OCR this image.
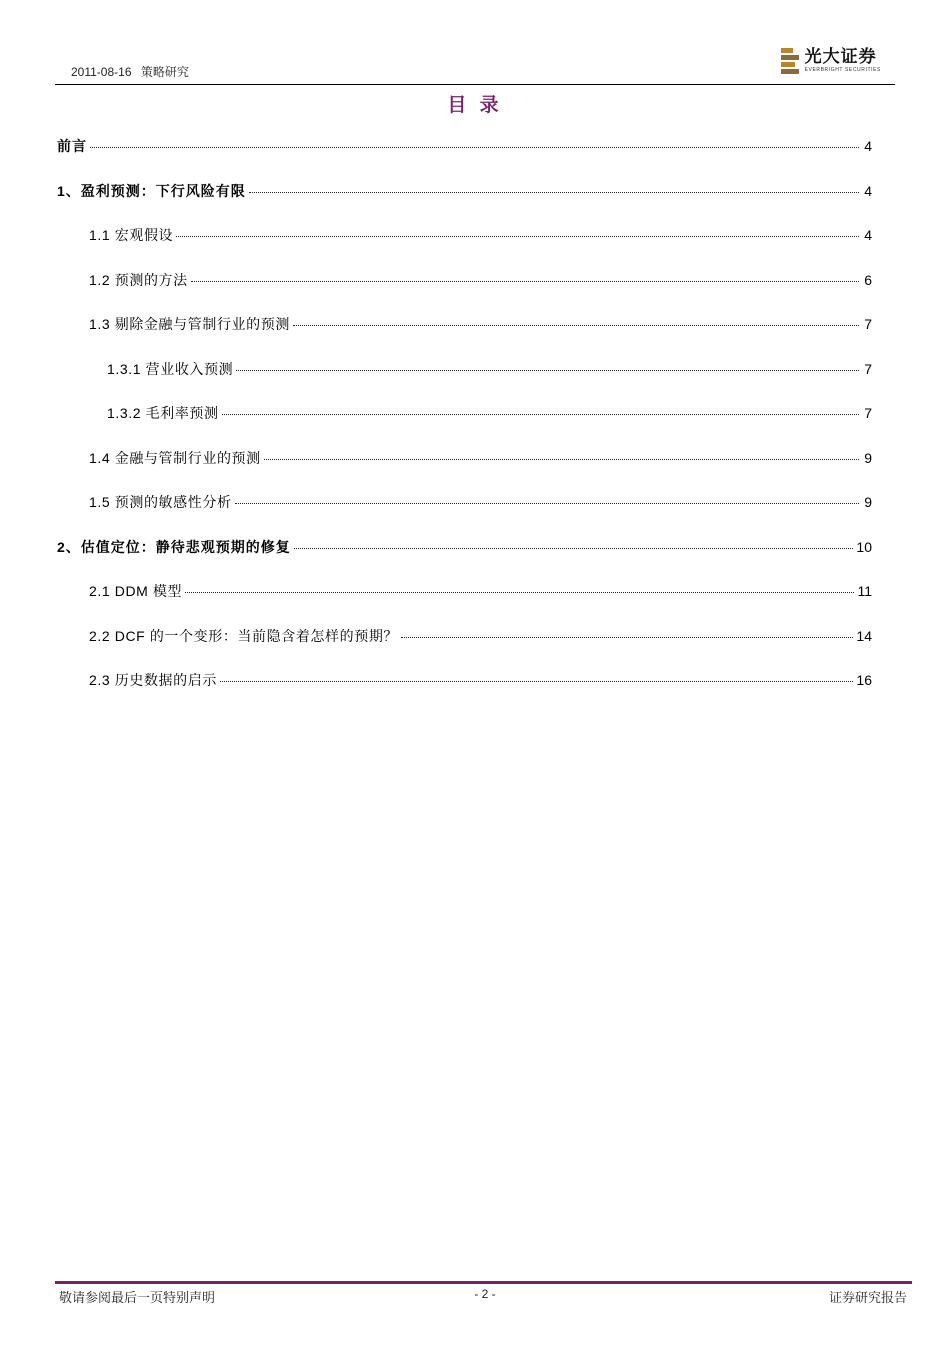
2011-08-16 策略研究
光大证券
EVERBRIGHT SECURITIES
目 录
前言	4
1、盈利预测：下行风险有限	4
1.1 宏观假设	4
1.2 预测的方法	6
1.3 剔除金融与管制行业的预测	7
1.3.1 营业收入预测	7
1.3.2 毛利率预测	7
1.4 金融与管制行业的预测	9
1.5 预测的敏感性分析	9
2、估值定位：静待悲观预期的修复	10
2.1 DDM 模型	11
2.2 DCF 的一个变形：当前隐含着怎样的预期？	14
2.3 历史数据的启示	16
敬请参阅最后一页特别声明	- 2 -	证券研究报告
